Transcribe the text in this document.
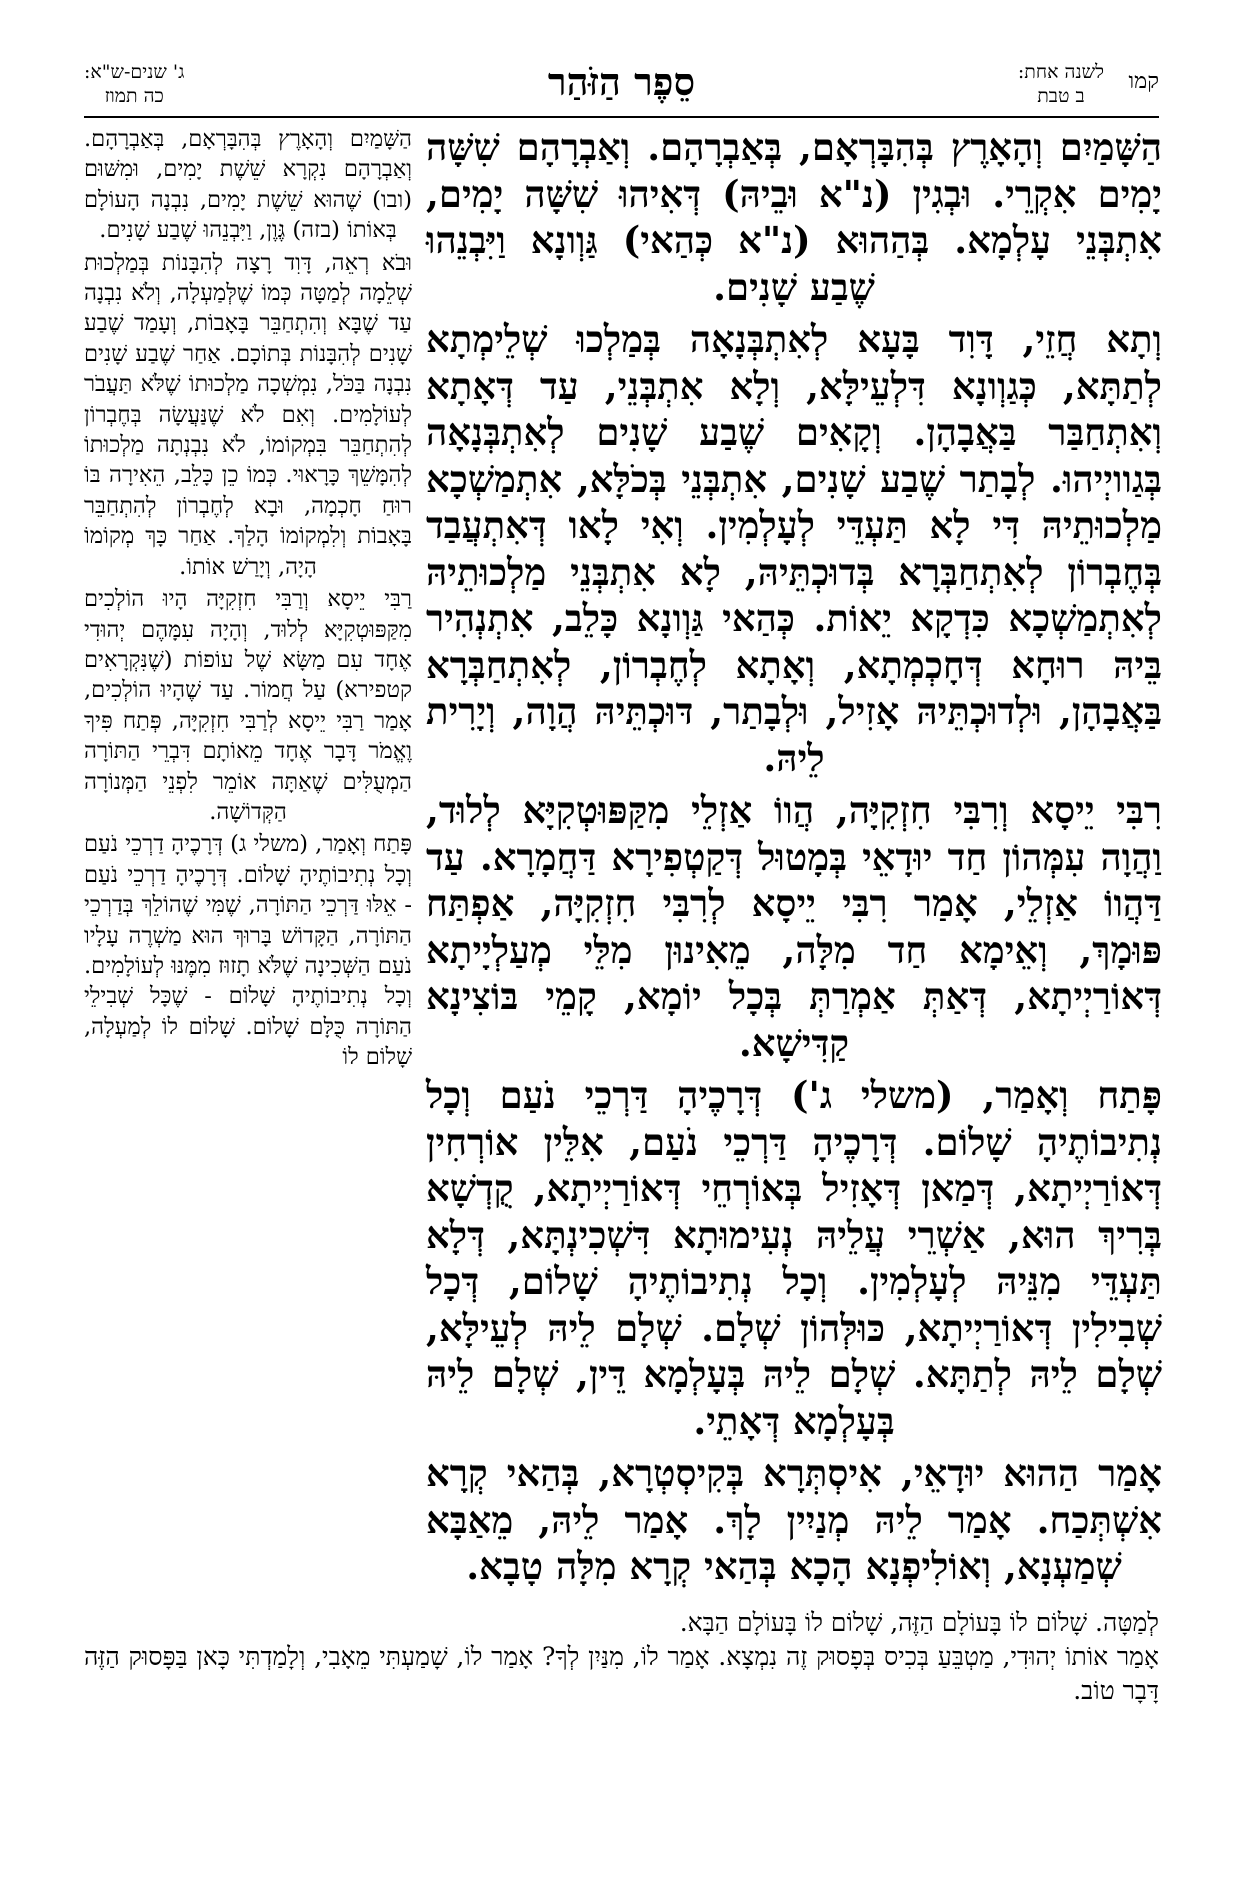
ג' שנים-ש"א:
כה תמוז	סֵפֶר הַזֹּהַר	קמו
לשנה אחת:
ב טבת

הַשָּׁמַיִם וְהָאָרֶץ בְּהִבָּרְאָם, בְּאַבְרָהָם. וְאַבְרָהָם שִׁשָּׁה יָמִים אִקְרֵי. וּבְגִין (נ"א וּבֵיהּ) דְּאִיהוּ שִׁשָּׁה יָמִים, אִתְבְּנֵי עָלְמָא. בְּהַהוּא (נ"א כְּהַאי) גַּוְונָא וַיִּבְנֵהוּ שֶׁבַע שָׁנִים.

וְתָא חֲזֵי, דָּוִד בָּעָא לְאִתְבְּנָאָה בְּמַלְכוּ שְׁלֵימְתָא לְתַתָּא, כְּגַוְונָא דִּלְעֵילָּא, וְלָא אִתְבְּנֵי, עַד דְּאָתָא וְאִתְחַבַּר בַּאֲבָהָן. וְקָאִים שֶׁבַע שָׁנִים לְאִתְבְּנָאָה בְּגַוויְיהוּ. לְבָתַר שֶׁבַע שָׁנִים, אִתְבְּנֵי בְּכֹלָּא, אִתְמַשְׁכָא מַלְכוּתֵיהּ דִּי לָא תַּעְדֵּי לְעָלְמִין. וְאִי לָאו דְּאִתְעֲבַד בְּחֶבְרוֹן לְאִתְחַבְּרָא בְּדוּכְתֵּיהּ, לָא אִתְבְּנֵי מַלְכוּתֵיהּ לְאִתְמַשְׁכָא כִּדְקָא יֵאוֹת. כְּהַאי גַּוְונָא כָּלֵב, אִתְנְהִיר בֵּיהּ רוּחָא דְּחָכְמְתָא, וְאָתָא לְחֶבְרוֹן, לְאִתְחַבְּרָא בַּאֲבָהָן, וּלְדוּכְתֵּיהּ אָזִיל, וּלְבָתַר, דּוּכְתֵּיהּ הֲוָה, וְיָרִית לֵיהּ.

רִבִּי יֵיסָא וְרִבִּי חִזְקִיָּה, הֲווֹ אַזְלֵי מִקַּפּוּטְקִיָּא לְלוּד, וַהֲוָה עִמְּהוֹן חַד יוּדָאֵי בְּמָטוּל דְּקַטְפִירָא דַּחֲמָרָא. עַד דַּהֲווֹ אַזְלֵי, אָמַר רִבִּי יֵיסָא לְרִבִּי חִזְקִיָּה, אַפְתַּח פּוּמָךְ, וְאֵימָא חַד מִלָּה, מֵאִינוּן מִלֵּי מְעַלְיָיתָא דְּאוֹרַיְיתָא, דְּאַתְּ אַמְרַתְּ בְּכָל יוֹמָא, קָמֵי בּוֹצִינָא קַדִּישָׁא.

פָּתַח וְאָמַר, (משלי ג') דְּרָכֶיהָ דַּרְכֵי נֹעַם וְכָל נְתִיבוֹתֶיהָ שָׁלוֹם. דְּרָכֶיהָ דַּרְכֵי נֹעַם, אִלֵּין אוֹרְחִין דְּאוֹרַיְיתָא, דְּמַאן דְּאָזִיל בְּאוֹרְחֵי דְּאוֹרַיְיתָא, קֻדְשָׁא בְּרִיךְ הוּא, אַשְׁרֵי עֲלֵיהּ נְעִימוּתָא דִּשְׁכִינְתָּא, דְּלָא תַּעְדֵּי מִנֵּיהּ לְעָלְמִין. וְכָל נְתִיבוֹתֶיהָ שָׁלוֹם, דְּכָל שְׁבִילִין דְּאוֹרַיְיתָא, כּוּלְּהוֹן שְׁלָם. שְׁלָם לֵיהּ לְעֵילָּא, שְׁלָם לֵיהּ לְתַתָּא. שְׁלָם לֵיהּ בְּעָלְמָא דֵּין, שְׁלָם לֵיהּ בְּעָלְמָא דְּאָתֵי.

אָמַר הַהוּא יוּדָאֵי, אִיסְתְּרָא בְּקִיסְטְרָא, בְּהַאי קְרָא אִשְׁתְּכַח. אָמַר לֵיהּ מְנַיִין לָךְ. אָמַר לֵיהּ, מֵאַבָּא שְׁמַעְנָא, וְאוֹלִיפְנָא הָכָא בְּהַאי קְרָא מִלָּה טָבָא.

הַשָּׁמַיִם וְהָאָרֶץ בְּהִבָּרְאָם, בְּאַבְרָהָם. וְאַבְרָהָם נִקְרָא שֵׁשֶׁת יָמִים, וּמִשּׁוּם (ובו) שֶׁהוּא שֵׁשֶׁת יָמִים, נִבְנָה הָעוֹלָם בְּאוֹתוֹ (בזה) גֶּוֶן, וַיִּבְנֵהוּ שֶׁבַע שָׁנִים.

וּבֹא רְאֵה, דָּוִד רָצָה לְהִבָּנוֹת בְּמַלְכוּת שְׁלֵמָה לְמַטָּה כְּמוֹ שֶׁלְּמַעְלָה, וְלֹא נִבְנָה עַד שֶׁבָּא וְהִתְחַבֵּר בָּאָבוֹת, וְעָמַד שֶׁבַע שָׁנִים לְהִבָּנוֹת בְּתוֹכָם. אַחַר שֶׁבַע שָׁנִים נִבְנָה בַּכֹּל, נִמְשְׁכָה מַלְכוּתוֹ שֶׁלֹּא תַּעֲבֹר לְעוֹלָמִים. וְאִם לֹא שֶׁנַּעֲשָׂה בְּחֶבְרוֹן לְהִתְחַבֵּר בִּמְקוֹמוֹ, לֹא נִבְנְתָה מַלְכוּתוֹ לְהִמָּשֵׁךְ כָּרָאוּי. כְּמוֹ כֵן כָּלֵב, הֵאִירָה בּוֹ רוּחַ חָכְמָה, וּבָא לְחֶבְרוֹן לְהִתְחַבֵּר בָּאָבוֹת וְלִמְקוֹמוֹ הָלַךְ. אַחַר כָּךְ מְקוֹמוֹ הָיָה, וְיָרַשׁ אוֹתוֹ.

רַבִּי יֵיסָא וְרַבִּי חִזְקִיָּה הָיוּ הוֹלְכִים מִקַּפּוּטְקִיָּא לְלוּד, וְהָיָה עִמָּהֶם יְהוּדִי אֶחָד עִם מַשָּׂא שֶׁל עוֹפוֹת (שֶׁנִּקְרָאִים קטפירא) עַל חֲמוֹר. עַד שֶׁהָיוּ הוֹלְכִים, אָמַר רַבִּי יֵיסָא לְרַבִּי חִזְקִיָּה, פְּתַח פִּיךָ וֶאֱמֹר דָּבָר אֶחָד מֵאוֹתָם דִּבְרֵי הַתּוֹרָה הַמְעֻלִּים שֶׁאַתָּה אוֹמֵר לִפְנֵי הַמְּנוֹרָה הַקְּדוֹשָׁה.

פָּתַח וְאָמַר, (משלי ג) דְּרָכֶיהָ דַרְכֵי נֹעַם וְכָל נְתִיבוֹתֶיהָ שָׁלוֹם. דְּרָכֶיהָ דַרְכֵי נֹעַם - אֵלּוּ דַּרְכֵי הַתּוֹרָה, שֶׁמִּי שֶׁהוֹלֵךְ בְּדַרְכֵי הַתּוֹרָה, הַקָּדוֹשׁ בָּרוּךְ הוּא מַשְׁרֶה עָלָיו נֹעַם הַשְּׁכִינָה שֶׁלֹּא תָזוּז מִמֶּנּוּ לְעוֹלָמִים. וְכָל נְתִיבוֹתֶיהָ שָׁלוֹם - שֶׁכָּל שְׁבִילֵי הַתּוֹרָה כֻּלָּם שָׁלוֹם. שָׁלוֹם לוֹ לְמַעְלָה, שָׁלוֹם לוֹ

לְמַטָּה. שָׁלוֹם לוֹ בָּעוֹלָם הַזֶּה, שָׁלוֹם לוֹ בָּעוֹלָם הַבָּא.

אָמַר אוֹתוֹ יְהוּדִי, מַטְבֵּעַ בְּכִיס בְּפָסוּק זֶה נִמְצָא. אָמַר לוֹ, מִנַּיִן לְךָ? אָמַר לוֹ, שָׁמַעְתִּי מֵאָבִי, וְלָמַדְתִּי כָּאן בַּפָּסוּק הַזֶּה דָּבָר טוֹב.
